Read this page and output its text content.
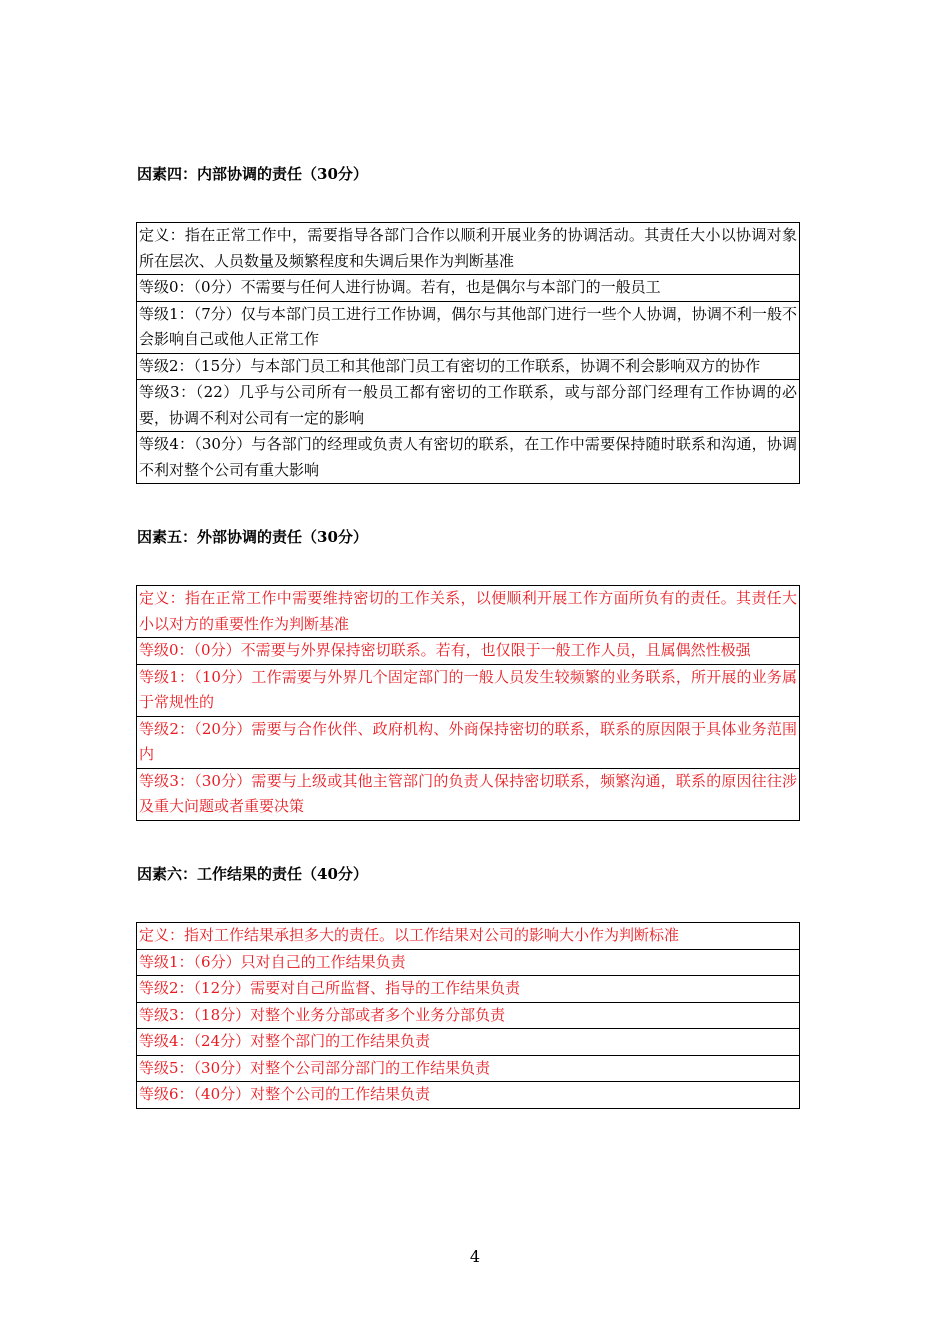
因素四：内部协调的责任（30分）
定义：指在正常工作中，需要指导各部门合作以顺利开展业务的协调活动。其责任大小以协调对象所在层次、人员数量及频繁程度和失调后果作为判断基准
等级0：（0分）不需要与任何人进行协调。若有，也是偶尔与本部门的一般员工
等级1：（7分）仅与本部门员工进行工作协调，偶尔与其他部门进行一些个人协调，协调不利一般不会影响自己或他人正常工作
等级2：（15分）与本部门员工和其他部门员工有密切的工作联系，协调不利会影响双方的协作
等级3：（22）几乎与公司所有一般员工都有密切的工作联系，或与部分部门经理有工作协调的必要，协调不利对公司有一定的影响
等级4：（30分）与各部门的经理或负责人有密切的联系，在工作中需要保持随时联系和沟通，协调不利对整个公司有重大影响
因素五：外部协调的责任（30分）
定义：指在正常工作中需要维持密切的工作关系，以便顺利开展工作方面所负有的责任。其责任大小以对方的重要性作为判断基准
等级0：（0分）不需要与外界保持密切联系。若有，也仅限于一般工作人员，且属偶然性极强
等级1：（10分）工作需要与外界几个固定部门的一般人员发生较频繁的业务联系，所开展的业务属于常规性的
等级2：（20分）需要与合作伙伴、政府机构、外商保持密切的联系，联系的原因限于具体业务范围内
等级3：（30分）需要与上级或其他主管部门的负责人保持密切联系，频繁沟通，联系的原因往往涉及重大问题或者重要决策
因素六：工作结果的责任（40分）
定义：指对工作结果承担多大的责任。以工作结果对公司的影响大小作为判断标准
等级1：（6分）只对自己的工作结果负责
等级2：（12分）需要对自己所监督、指导的工作结果负责
等级3：（18分）对整个业务分部或者多个业务分部负责
等级4：（24分）对整个部门的工作结果负责
等级5：（30分）对整个公司部分部门的工作结果负责
等级6：（40分）对整个公司的工作结果负责
4
